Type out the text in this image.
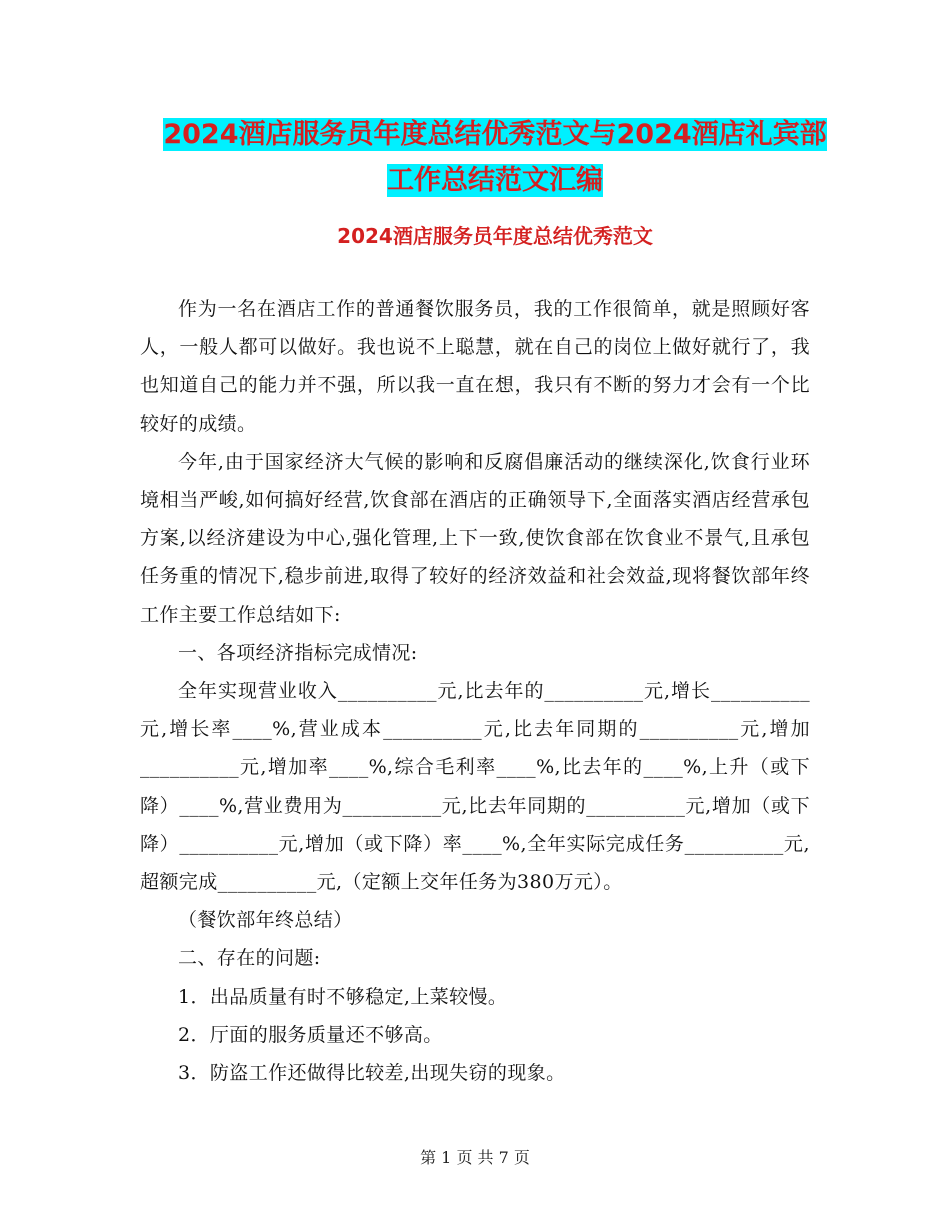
2024酒店服务员年度总结优秀范文与2024酒店礼宾部
工作总结范文汇编
2024酒店服务员年度总结优秀范文

作为一名在酒店工作的普通餐饮服务员，我的工作很简单，就是照顾好客人，一般人都可以做好。我也说不上聪慧，就在自己的岗位上做好就行了，我也知道自己的能力并不强，所以我一直在想，我只有不断的努力才会有一个比较好的成绩。

今年,由于国家经济大气候的影响和反腐倡廉活动的继续深化,饮食行业环境相当严峻,如何搞好经营,饮食部在酒店的正确领导下,全面落实酒店经营承包方案,以经济建设为中心,强化管理,上下一致,使饮食部在饮食业不景气,且承包任务重的情况下,稳步前进,取得了较好的经济效益和社会效益,现将餐饮部年终工作主要工作总结如下:

一、各项经济指标完成情况:

全年实现营业收入__________元,比去年的__________元,增长__________元,增长率____%,营业成本__________元,比去年同期的__________元,增加__________元,增加率____%,综合毛利率____%,比去年的____%,上升（或下降）____%,营业费用为__________元,比去年同期的__________元,增加（或下降）__________元,增加（或下降）率____%,全年实际完成任务__________元,超额完成__________元,（定额上交年任务为380万元）。

（餐饮部年终总结）

二、存在的问题:

1．出品质量有时不够稳定,上菜较慢。

2．厅面的服务质量还不够高。

3．防盗工作还做得比较差,出现失窃的现象。

第 1 页 共 7 页
